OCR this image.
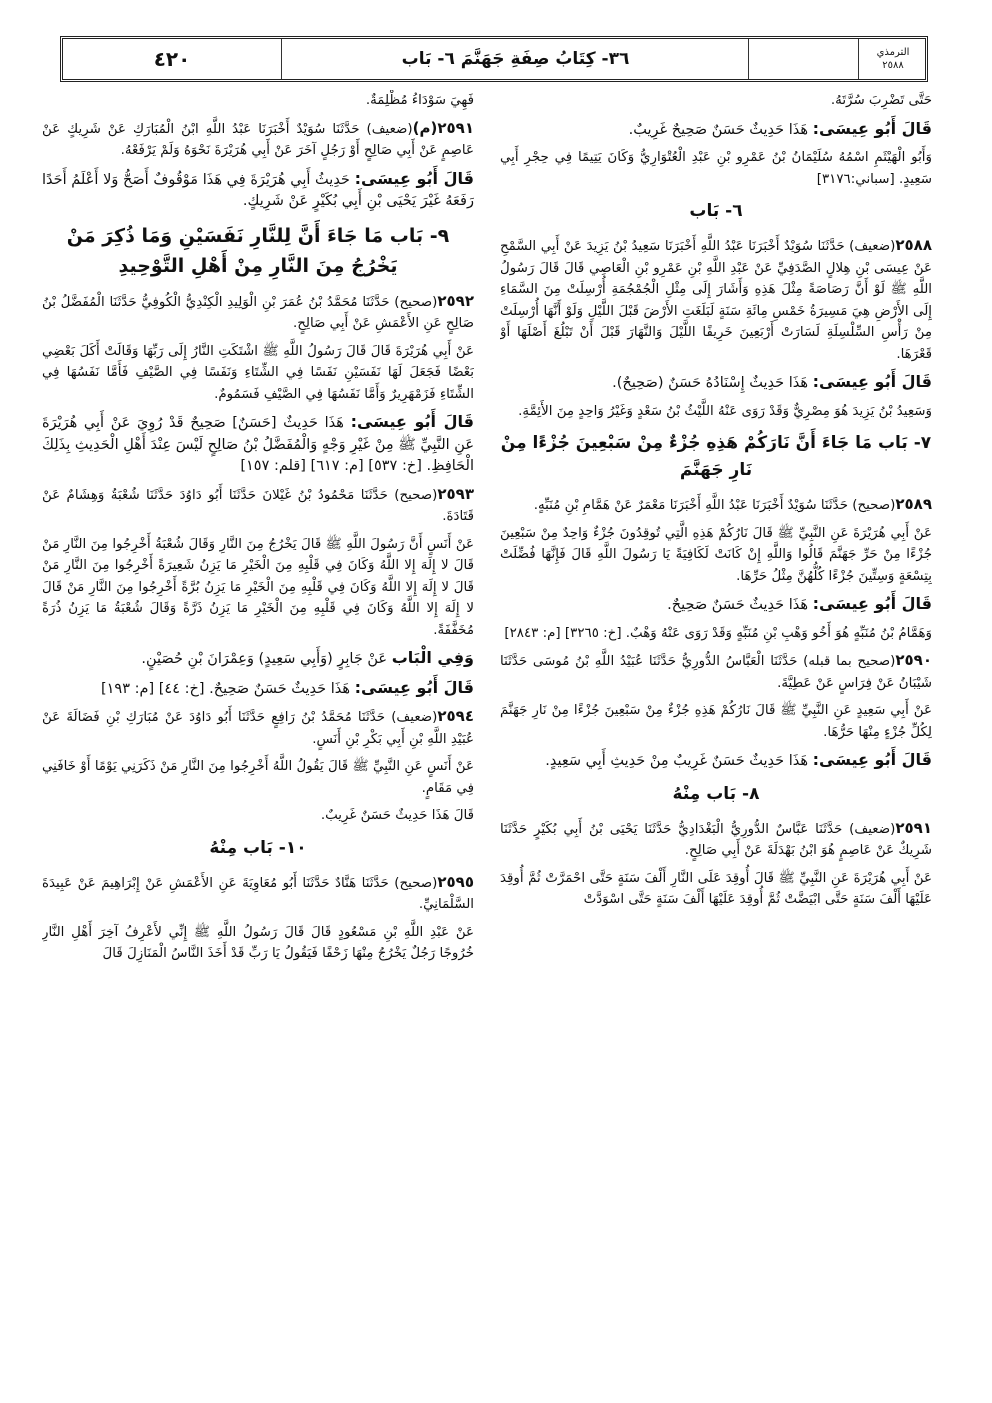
٤٢٠	٣٦- كِتَابُ صِفَةِ جَهَنَّمَ ٦- بَاب	الترمذي
٢٥٨٨

حَتَّى تَضْرِبَ سُرَّتَهُ.

قَالَ أَبُو عِيسَى: هَذَا حَدِيثٌ حَسَنٌ صَحِيحٌ غَرِيبٌ.

وَأَبُو الْهَيْثَمِ اسْمُهُ سُلَيْمَانُ بْنُ عَمْرِو بْنِ عَبْدِ الْعُتْوَارِيُّ وَكَانَ يَتِيمًا فِي حِجْرِ أَبِي سَعِيدٍ. [سباني:٣١٧٦]

٦- بَاب

٢٥٨٨(ضعيف) حَدَّثَنَا سُوَيْدٌ أَخْبَرَنَا عَبْدُ اللَّهِ أَخْبَرَنَا سَعِيدُ بْنُ يَزِيدَ عَنْ أَبِي السَّمْحِ عَنْ عِيسَى بْنِ هِلالٍ الصَّدَفِيِّ عَنْ عَبْدِ اللَّهِ بْنِ عَمْرِو بْنِ الْعَاصِي قَالَ قَالَ رَسُولُ اللَّهِ ﷺ لَوْ أَنَّ رَصَاصَةً مِثْلَ هَذِهِ وَأَشَارَ إِلَى مِثْلِ الْجُمْجُمَةِ أُرْسِلَتْ مِنَ السَّمَاءِ إِلَى الأَرْضِ هِيَ مَسِيرَةُ خَمْسِ مِائَةِ سَنَةٍ لَبَلَغَتِ الأَرْضَ قَبْلَ اللَّيْلِ وَلَوْ أَنَّهَا أُرْسِلَتْ مِنْ رَأْسِ السِّلْسِلَةِ لَسَارَتْ أَرْبَعِينَ خَرِيفًا اللَّيْلَ وَالنَّهَارَ قَبْلَ أَنْ تَبْلُغَ أَصْلَهَا أَوْ قَعْرَهَا.

قَالَ أَبُو عِيسَى: هَذَا حَدِيثٌ إِسْنَادُهُ حَسَنٌ (صَحِيحٌ).

وَسَعِيدُ بْنُ يَزِيدَ هُوَ مِصْرِيٌّ وَقَدْ رَوَى عَنْهُ اللَّيْثُ بْنُ سَعْدٍ وَغَيْرُ وَاحِدٍ مِنَ الأَئِمَّةِ.

٧- بَاب مَا جَاءَ أَنَّ نَارَكُمْ هَذِهِ جُزْءٌ مِنْ سَبْعِينَ جُزْءًا مِنْ نَارِ جَهَنَّمَ

٢٥٨٩(صحيح) حَدَّثَنَا سُوَيْدٌ أَخْبَرَنَا عَبْدُ اللَّهِ أَخْبَرَنَا مَعْمَرٌ عَنْ هَمَّامِ بْنِ مُنَبِّهٍ.

عَنْ أَبِي هُرَيْرَةَ عَنِ النَّبِيِّ ﷺ قَالَ نَارُكُمْ هَذِهِ الَّتِي تُوقِدُونَ جُزْءٌ وَاحِدٌ مِنْ سَبْعِينَ جُزْءًا مِنْ حَرِّ جَهَنَّمَ قَالُوا وَاللَّهِ إِنْ كَانَتْ لَكَافِيَةً يَا رَسُولَ اللَّهِ قَالَ فَإِنَّهَا فُضِّلَتْ بِتِسْعَةٍ وَسِتِّينَ جُزْءًا كُلُّهُنَّ مِثْلُ حَرِّهَا.

قَالَ أَبُو عِيسَى: هَذَا حَدِيثٌ حَسَنٌ صَحِيحٌ.

وَهَمَّامُ بْنُ مُنَبِّهٍ هُوَ أَخُو وَهْبِ بْنِ مُنَبِّهٍ وَقَدْ رَوَى عَنْهُ وَهْبٌ. [خ: ٣٢٦٥] [م: ٢٨٤٣]

٢٥٩٠(صحيح بما قبله) حَدَّثَنَا الْعَبَّاسُ الدُّورِيُّ حَدَّثَنَا عُبَيْدُ اللَّهِ بْنُ مُوسَى حَدَّثَنَا شَيْبَانُ عَنْ فِرَاسٍ عَنْ عَطِيَّةَ.

عَنْ أَبِي سَعِيدٍ عَنِ النَّبِيِّ ﷺ قَالَ نَارُكُمْ هَذِهِ جُزْءٌ مِنْ سَبْعِينَ جُزْءًا مِنْ نَارِ جَهَنَّمَ لِكُلِّ جُزْءٍ مِنْهَا حَرُّهَا.

قَالَ أَبُو عِيسَى: هَذَا حَدِيثٌ حَسَنٌ غَرِيبٌ مِنْ حَدِيثِ أَبِي سَعِيدٍ.

٨- بَاب مِنْهُ

٢٥٩١(ضعيف) حَدَّثَنَا عَبَّاسٌ الدُّورِيُّ الْبَغْدَادِيُّ حَدَّثَنَا يَحْيَى بْنُ أَبِي بُكَيْرٍ حَدَّثَنَا شَرِيكٌ عَنْ عَاصِمٍ هُوَ ابْنُ بَهْدَلَةَ عَنْ أَبِي صَالِحٍ.

عَنْ أَبِي هُرَيْرَةَ عَنِ النَّبِيِّ ﷺ قَالَ أُوقِدَ عَلَى النَّارِ أَلْفَ سَنَةٍ حَتَّى احْمَرَّتْ ثُمَّ أُوقِدَ عَلَيْهَا أَلْفَ سَنَةٍ حَتَّى ابْيَضَّتْ ثُمَّ أُوقِدَ عَلَيْهَا أَلْفَ سَنَةٍ حَتَّى اسْوَدَّتْ

فَهِيَ سَوْدَاءُ مُظْلِمَةٌ.

٢٥٩١(م)(ضعيف) حَدَّثَنَا سُوَيْدٌ أَخْبَرَنَا عَبْدُ اللَّهِ ابْنُ الْمُبَارَكِ عَنْ شَرِيكٍ عَنْ عَاصِمٍ عَنْ أَبِي صَالِحٍ أَوْ رَجُلٍ آخَرَ عَنْ أَبِي هُرَيْرَةَ نَحْوَهُ وَلَمْ يَرْفَعْهُ.

قَالَ أَبُو عِيسَى: حَدِيثُ أَبِي هُرَيْرَةَ فِي هَذَا مَوْقُوفٌ أَصَحُّ وَلا أَعْلَمُ أَحَدًا رَفَعَهُ غَيْرَ يَحْيَى بْنِ أَبِي بُكَيْرٍ عَنْ شَرِيكٍ.

٩- بَاب مَا جَاءَ أَنَّ لِلنَّارِ نَفَسَيْنِ وَمَا ذُكِرَ مَنْ يَخْرُجُ مِنَ النَّارِ مِنْ أَهْلِ التَّوْحِيدِ

٢٥٩٢(صحيح) حَدَّثَنَا مُحَمَّدُ بْنُ عُمَرَ بْنِ الْوَلِيدِ الْكِنْدِيُّ الْكُوفِيُّ حَدَّثَنَا الْمُفَضَّلُ بْنُ صَالِحٍ عَنِ الأَعْمَشِ عَنْ أَبِي صَالِحٍ.

عَنْ أَبِي هُرَيْرَةَ قَالَ قَالَ رَسُولُ اللَّهِ ﷺ اشْتَكَتِ النَّارُ إِلَى رَبِّهَا وَقَالَتْ أَكَلَ بَعْضِي بَعْضًا فَجَعَلَ لَهَا نَفَسَيْنِ نَفَسًا فِي الشِّتَاءِ وَنَفَسًا فِي الصَّيْفِ فَأَمَّا نَفَسُهَا فِي الشِّتَاءِ فَزَمْهَرِيرٌ وَأَمَّا نَفَسُهَا فِي الصَّيْفِ فَسَمُومٌ.

قَالَ أَبُو عِيسَى: هَذَا حَدِيثٌ [حَسَنٌ] صَحِيحٌ قَدْ رُوِيَ عَنْ أَبِي هُرَيْرَةَ عَنِ النَّبِيِّ ﷺ مِنْ غَيْرِ وَجْهٍ وَالْمُفَضَّلُ بْنُ صَالِحٍ لَيْسَ عِنْدَ أَهْلِ الْحَدِيثِ بِذَلِكَ الْحَافِظِ. [خ: ٥٣٧] [م: ٦١٧] [قلم: ١٥٧]

٢٥٩٣(صحيح) حَدَّثَنَا مَحْمُودُ بْنُ غَيْلانَ حَدَّثَنَا أَبُو دَاوُدَ حَدَّثَنَا شُعْبَةُ وَهِشَامٌ عَنْ قَتَادَةَ.

عَنْ أَنَسٍ أَنَّ رَسُولَ اللَّهِ ﷺ قَالَ يَخْرُجُ مِنَ النَّارِ وَقَالَ شُعْبَةُ أَخْرِجُوا مِنَ النَّارِ مَنْ قَالَ لا إِلَهَ إِلا اللَّهُ وَكَانَ فِي قَلْبِهِ مِنَ الْخَيْرِ مَا يَزِنُ شَعِيرَةً أَخْرِجُوا مِنَ النَّارِ مَنْ قَالَ لا إِلَهَ إِلا اللَّهُ وَكَانَ فِي قَلْبِهِ مِنَ الْخَيْرِ مَا يَزِنُ بُرَّةً أَخْرِجُوا مِنَ النَّارِ مَنْ قَالَ لا إِلَهَ إِلا اللَّهُ وَكَانَ فِي قَلْبِهِ مِنَ الْخَيْرِ مَا يَزِنُ ذَرَّةً وَقَالَ شُعْبَةُ مَا يَزِنُ ذُرَةً مُخَفَّفَةً.

وَفِي الْبَاب عَنْ جَابِرٍ (وَأَبِي سَعِيدٍ) وَعِمْرَانَ بْنِ حُصَيْنٍ.

قَالَ أَبُو عِيسَى: هَذَا حَدِيثٌ حَسَنٌ صَحِيحٌ. [خ: ٤٤] [م: ١٩٣]

٢٥٩٤(ضعيف) حَدَّثَنَا مُحَمَّدُ بْنُ رَافِعٍ حَدَّثَنَا أَبُو دَاوُدَ عَنْ مُبَارَكِ بْنِ فَضَالَةَ عَنْ عُبَيْدِ اللَّهِ بْنِ أَبِي بَكْرِ بْنِ أَنَسٍ.

عَنْ أَنَسٍ عَنِ النَّبِيِّ ﷺ قَالَ يَقُولُ اللَّهُ أَخْرِجُوا مِنَ النَّارِ مَنْ ذَكَرَنِي يَوْمًا أَوْ خَافَنِي فِي مَقَامٍ.

قَالَ هَذَا حَدِيثٌ حَسَنٌ غَرِيبٌ.

١٠- بَاب مِنْهُ

٢٥٩٥(صحيح) حَدَّثَنَا هَنَّادٌ حَدَّثَنَا أَبُو مُعَاوِيَةَ عَنِ الأَعْمَشِ عَنْ إِبْرَاهِيمَ عَنْ عَبِيدَةَ السَّلْمَانِيِّ.

عَنْ عَبْدِ اللَّهِ بْنِ مَسْعُودٍ قَالَ قَالَ رَسُولُ اللَّهِ ﷺ إِنِّي لأَعْرِفُ آخِرَ أَهْلِ النَّارِ خُرُوجًا رَجُلٌ يَخْرُجُ مِنْهَا زَحْفًا فَيَقُولُ يَا رَبِّ قَدْ أَخَذَ النَّاسُ الْمَنَازِلَ قَالَ
